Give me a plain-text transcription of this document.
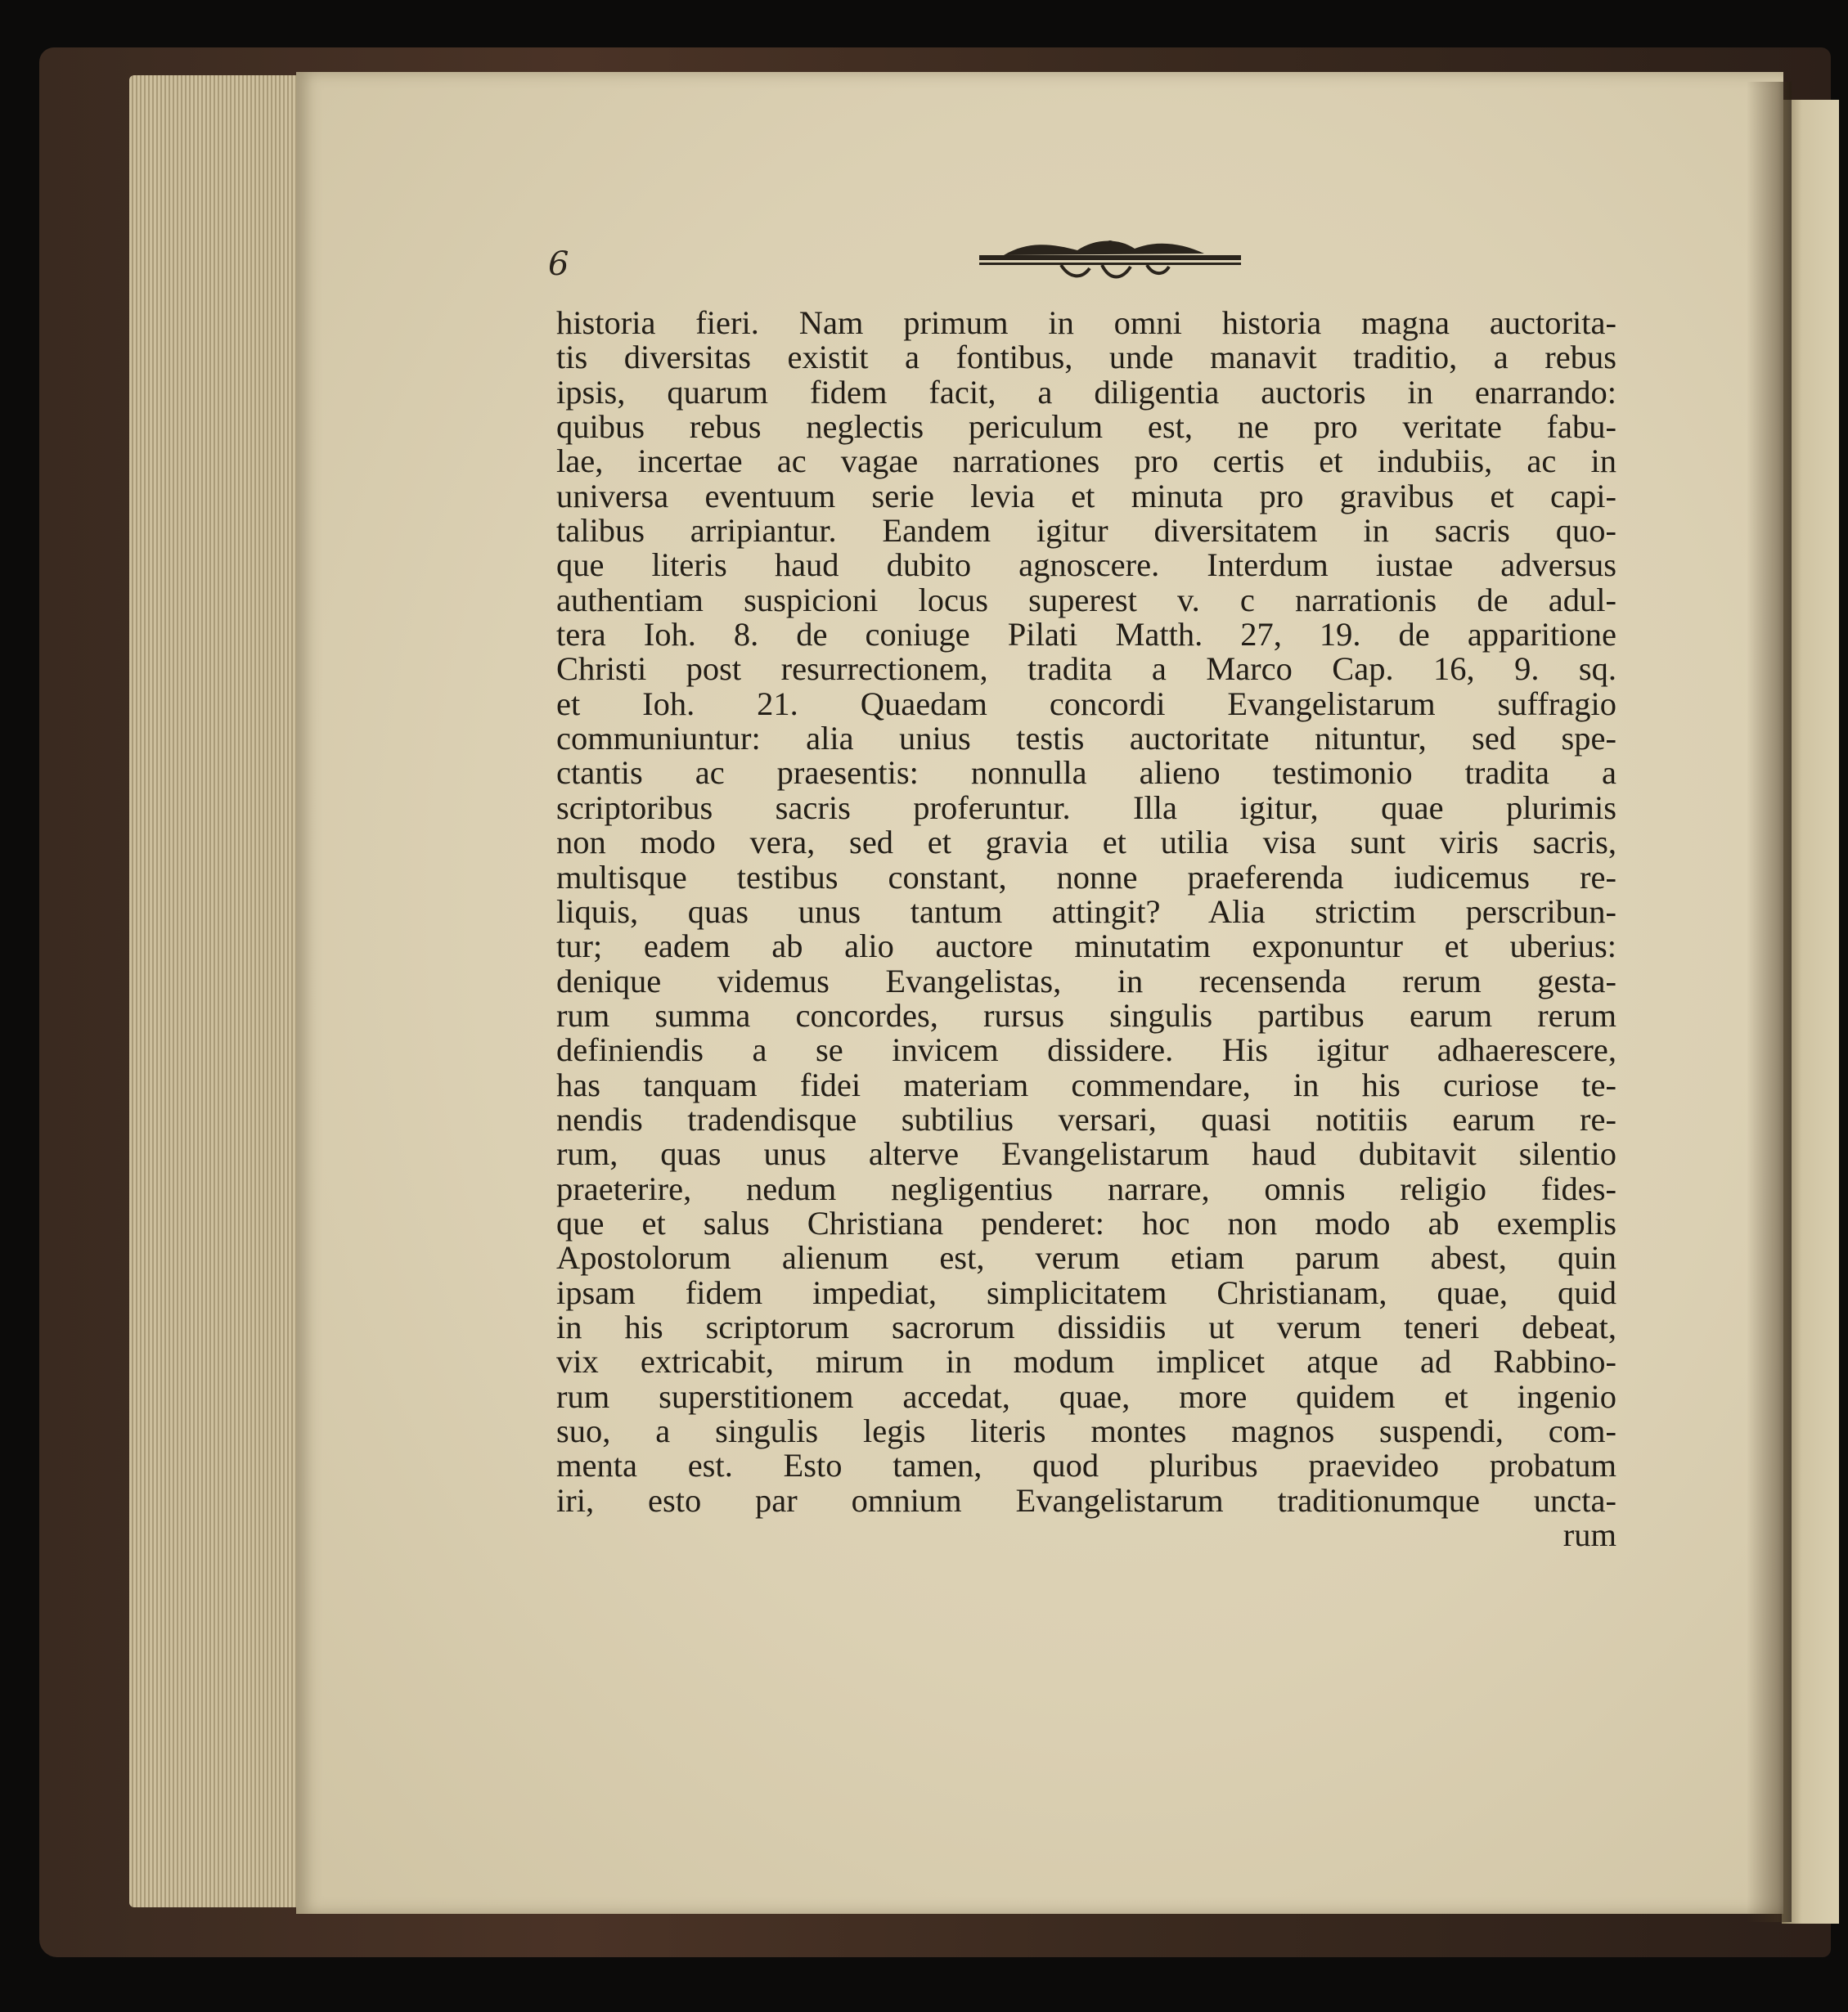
6

historia fieri. Nam primum in omni historia magna auctorita-
tis diversitas existit a fontibus, unde manavit traditio, a rebus
ipsis, quarum fidem facit, a diligentia auctoris in enarrando:
quibus rebus neglectis periculum est, ne pro veritate fabu-
lae, incertae ac vagae narrationes pro certis et indubiis, ac in
universa eventuum serie levia et minuta pro gravibus et capi-
talibus arripiantur. Eandem igitur diversitatem in sacris quo-
que literis haud dubito agnoscere. Interdum iustae adversus
authentiam suspicioni locus superest v. c narrationis de adul-
tera Ioh. 8. de coniuge Pilati Matth. 27, 19. de apparitione
Christi post resurrectionem, tradita a Marco Cap. 16, 9. sq.
et Ioh. 21. Quaedam concordi Evangelistarum suffragio
communiuntur: alia unius testis auctoritate nituntur, sed spe-
ctantis ac praesentis: nonnulla alieno testimonio tradita a
scriptoribus sacris proferuntur. Illa igitur, quae plurimis
non modo vera, sed et gravia et utilia visa sunt viris sacris,
multisque testibus constant, nonne praeferenda iudicemus re-
liquis, quas unus tantum attingit? Alia strictim perscribun-
tur; eadem ab alio auctore minutatim exponuntur et uberius:
denique videmus Evangelistas, in recensenda rerum gesta-
rum summa concordes, rursus singulis partibus earum rerum
definiendis a se invicem dissidere. His igitur adhaerescere,
has tanquam fidei materiam commendare, in his curiose te-
nendis tradendisque subtilius versari, quasi notitiis earum re-
rum, quas unus alterve Evangelistarum haud dubitavit silentio
praeterire, nedum negligentius narrare, omnis religio fides-
que et salus Christiana penderet: hoc non modo ab exemplis
Apostolorum alienum est, verum etiam parum abest, quin
ipsam fidem impediat, simplicitatem Christianam, quae, quid
in his scriptorum sacrorum dissidiis ut verum teneri debeat,
vix extricabit, mirum in modum implicet atque ad Rabbino-
rum superstitionem accedat, quae, more quidem et ingenio
suo, a singulis legis literis montes magnos suspendi, com-
menta est. Esto tamen, quod pluribus praevideo probatum
iri, esto par omnium Evangelistarum traditionumque uncta-
rum
